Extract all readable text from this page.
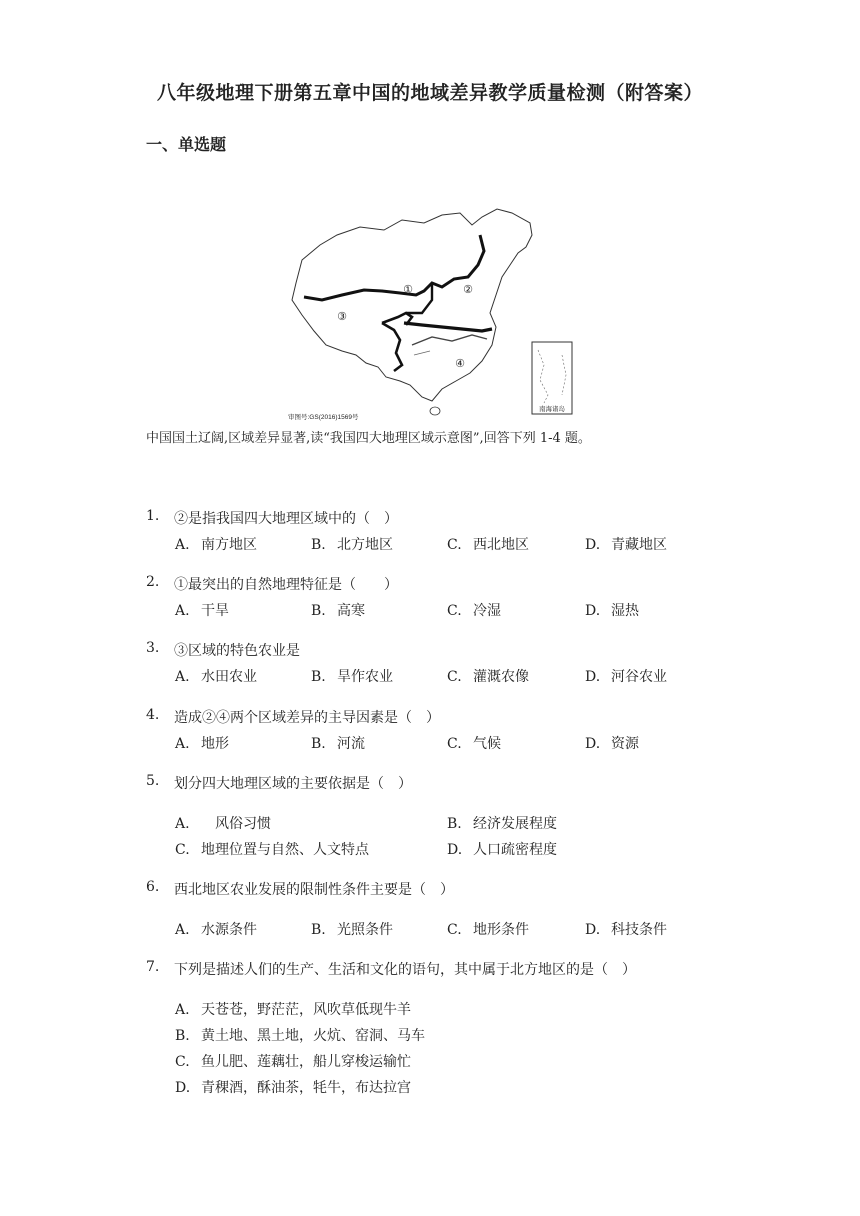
八年级地理下册第五章中国的地域差异教学质量检测（附答案）
一、单选题
①	②
③
④
南海诸岛
审图号:GS(2016)1569号
中国国土辽阔,区域差异显著,读“我国四大地理区域示意图”,回答下列 1-4 题。
1. ②是指我国四大地理区域中的（　）
A. 南方地区	B. 北方地区	C. 西北地区	D. 青藏地区
2. ①最突出的自然地理特征是（　　）
A. 干旱	B. 高寒	C. 冷湿	D. 湿热
3. ③区域的特色农业是
A. 水田农业	B. 旱作农业	C. 灌溉农像	D. 河谷农业
4. 造成②④两个区域差异的主导因素是（　）
A. 地形	B. 河流	C. 气候	D. 资源
5. 划分四大地理区域的主要依据是（　）
A.　风俗习惯	B. 经济发展程度
C. 地理位置与自然、人文特点	D. 人口疏密程度
6. 西北地区农业发展的限制性条件主要是（　）
A. 水源条件	B. 光照条件	C. 地形条件	D. 科技条件
7. 下列是描述人们的生产、生活和文化的语句，其中属于北方地区的是（　）
A. 天苍苍，野茫茫，风吹草低现牛羊
B. 黄土地、黑土地，火炕、窑洞、马车
C. 鱼儿肥、莲藕壮，船儿穿梭运输忙
D. 青稞酒，酥油茶，牦牛，布达拉宫
